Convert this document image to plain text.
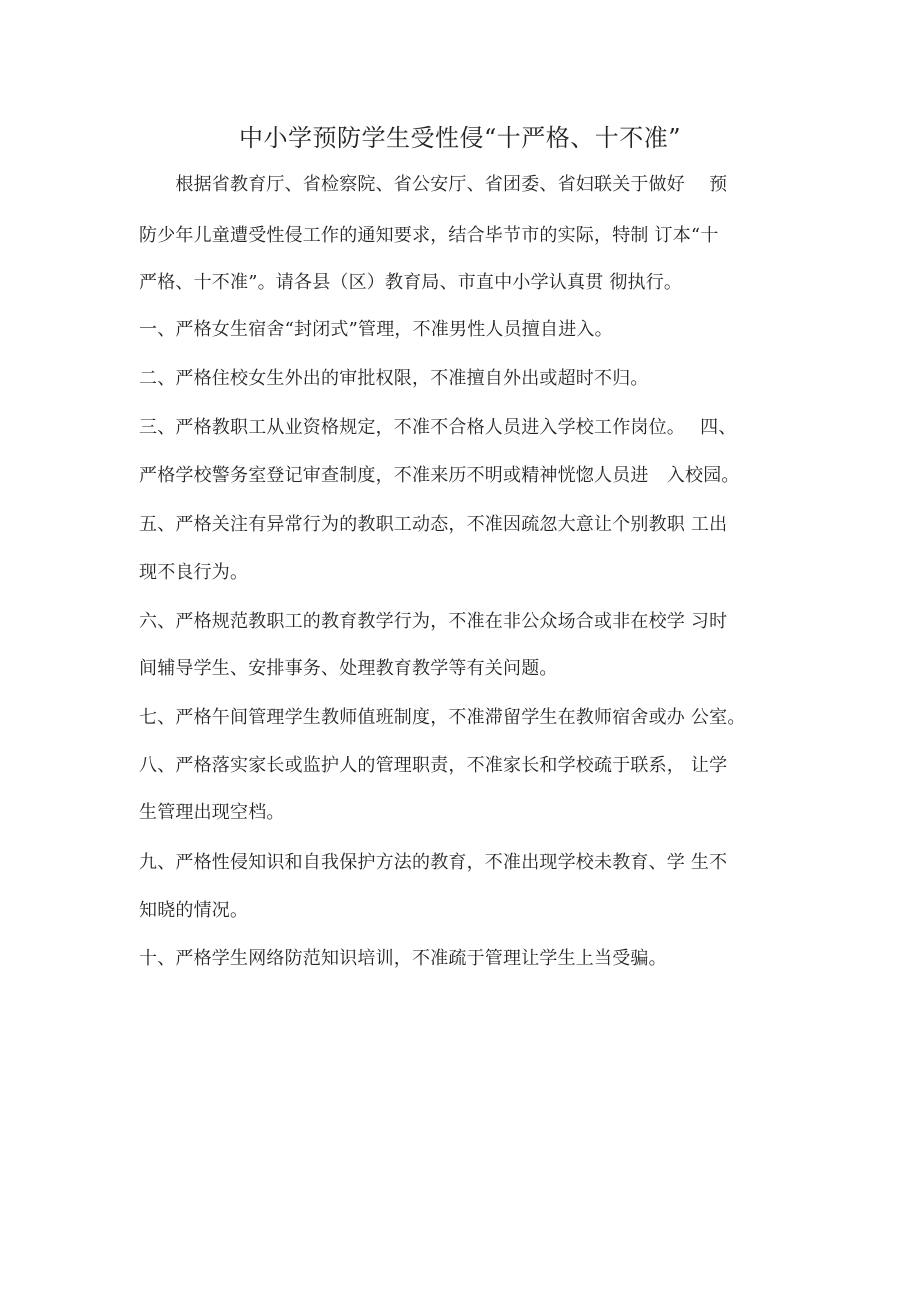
中小学预防学生受性侵“十严格、十不准”
　　根据省教育厅、省检察院、省公安厅、省团委、省妇联关于做好　 预
防少年儿童遭受性侵工作的通知要求，结合毕节市的实际，特制 订本“十
严格、十不准”。请各县（区）教育局、市直中小学认真贯 彻执行。
一、严格女生宿舍“封闭式”管理，不准男性人员擅自进入。
二、严格住校女生外出的审批权限，不准擅自外出或超时不归。
三、严格教职工从业资格规定，不准不合格人员进入学校工作岗位。　 四、
严格学校警务室登记审查制度，不准来历不明或精神恍惚人员进　入校园。
五、严格关注有异常行为的教职工动态，不准因疏忽大意让个别教职 工出
现不良行为。
六、严格规范教职工的教育教学行为，不准在非公众场合或非在校学 习时
间辅导学生、安排事务、处理教育教学等有关问题。
七、严格午间管理学生教师值班制度，不准滞留学生在教师宿舍或办 公室。
八、严格落实家长或监护人的管理职责，不准家长和学校疏于联系， 让学
生管理出现空档。
九、严格性侵知识和自我保护方法的教育，不准出现学校未教育、学 生不
知晓的情况。
十、严格学生网络防范知识培训，不准疏于管理让学生上当受骗。
